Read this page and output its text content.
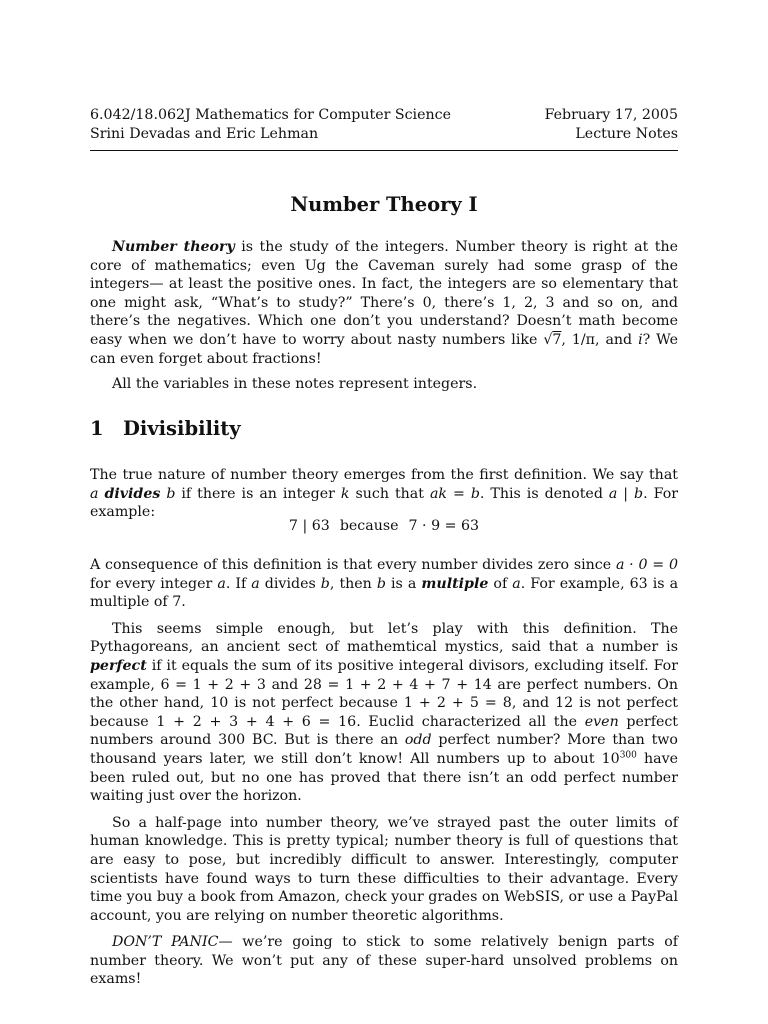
6.042/18.062J Mathematics for Computer Science	February 17, 2005
Srini Devadas and Eric Lehman	Lecture Notes
Number Theory I

Number theory is the study of the integers. Number theory is right at the core of mathematics; even Ug the Caveman surely had some grasp of the integers— at least the positive ones. In fact, the integers are so elementary that one might ask, “What’s to study?” There’s 0, there’s 1, 2, 3 and so on, and there’s the negatives. Which one don’t you understand? Doesn’t math become easy when we don’t have to worry about nasty numbers like √7, 1/π, and i? We can even forget about fractions!

All the variables in these notes represent integers.

1 Divisibility

The true nature of number theory emerges from the first definition. We say that a divides b if there is an integer k such that ak = b. This is denoted a | b. For example:

7 | 63 because 7 · 9 = 63

A consequence of this definition is that every number divides zero since a · 0 = 0 for every integer a. If a divides b, then b is a multiple of a. For example, 63 is a multiple of 7.

This seems simple enough, but let’s play with this definition. The Pythagoreans, an ancient sect of mathemtical mystics, said that a number is perfect if it equals the sum of its positive integeral divisors, excluding itself. For example, 6 = 1 + 2 + 3 and 28 = 1 + 2 + 4 + 7 + 14 are perfect numbers. On the other hand, 10 is not perfect because 1 + 2 + 5 = 8, and 12 is not perfect because 1 + 2 + 3 + 4 + 6 = 16. Euclid characterized all the even perfect numbers around 300 BC. But is there an odd perfect number? More than two thousand years later, we still don’t know! All numbers up to about $10^{300}$ have been ruled out, but no one has proved that there isn’t an odd perfect number waiting just over the horizon.

So a half-page into number theory, we’ve strayed past the outer limits of human knowledge. This is pretty typical; number theory is full of questions that are easy to pose, but incredibly difficult to answer. Interestingly, computer scientists have found ways to turn these difficulties to their advantage. Every time you buy a book from Amazon, check your grades on WebSIS, or use a PayPal account, you are relying on number theoretic algorithms.

DON’T PANIC— we’re going to stick to some relatively benign parts of number theory. We won’t put any of these super-hard unsolved problems on exams!
